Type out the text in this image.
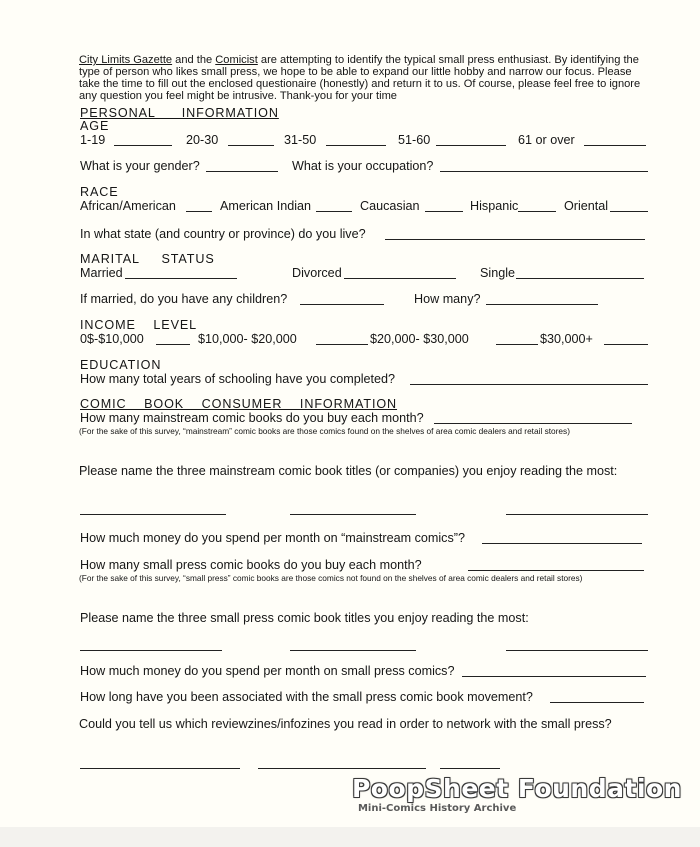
City Limits Gazette and the Comicist are attempting to identify the typical small press enthusiast. By identifying the type of person who likes small press, we hope to be able to expand our little hobby and narrow our focus. Please take the time to fill out the enclosed questionaire (honestly) and return it to us. Of course, please feel free to ignore any question you feel might be intrusive. Thank-you for your time
PERSONAL      INFORMATION
AGE
1-19	20-30	31-50	51-60	61 or over
What is your gender?	What is your occupation?
RACE
African/American	American Indian	Caucasian	Hispanic	Oriental
In what state (and country or province) do you live?
MARITAL     STATUS
Married	Divorced	Single
If married, do you have any children?	How many?
INCOME    LEVEL
0$-$10,000	$10,000- $20,000	$20,000- $30,000	$30,000+
EDUCATION
How many total years of schooling have you completed?
COMIC    BOOK    CONSUMER    INFORMATION
How many mainstream comic books do you buy each month?
(For the sake of this survey, “mainstream” comic books are those comics found on the shelves of area comic dealers and retail stores)
Please name the three mainstream comic book titles (or companies) you enjoy reading the most:
How much money do you spend per month on “mainstream comics”?
How many small press comic books do you buy each month?
(For the sake of this survey, “small press” comic books are those comics not found on the shelves of area comic dealers and retail stores)
Please name the three small press comic book titles you enjoy reading the most:
How much money do you spend per month on small press comics?
How long have you been associated with the small press comic book movement?
Could you tell us which reviewzines/infozines you read in order to network with the small press?
PoopSheet Foundation
Mini-Comics History Archive
